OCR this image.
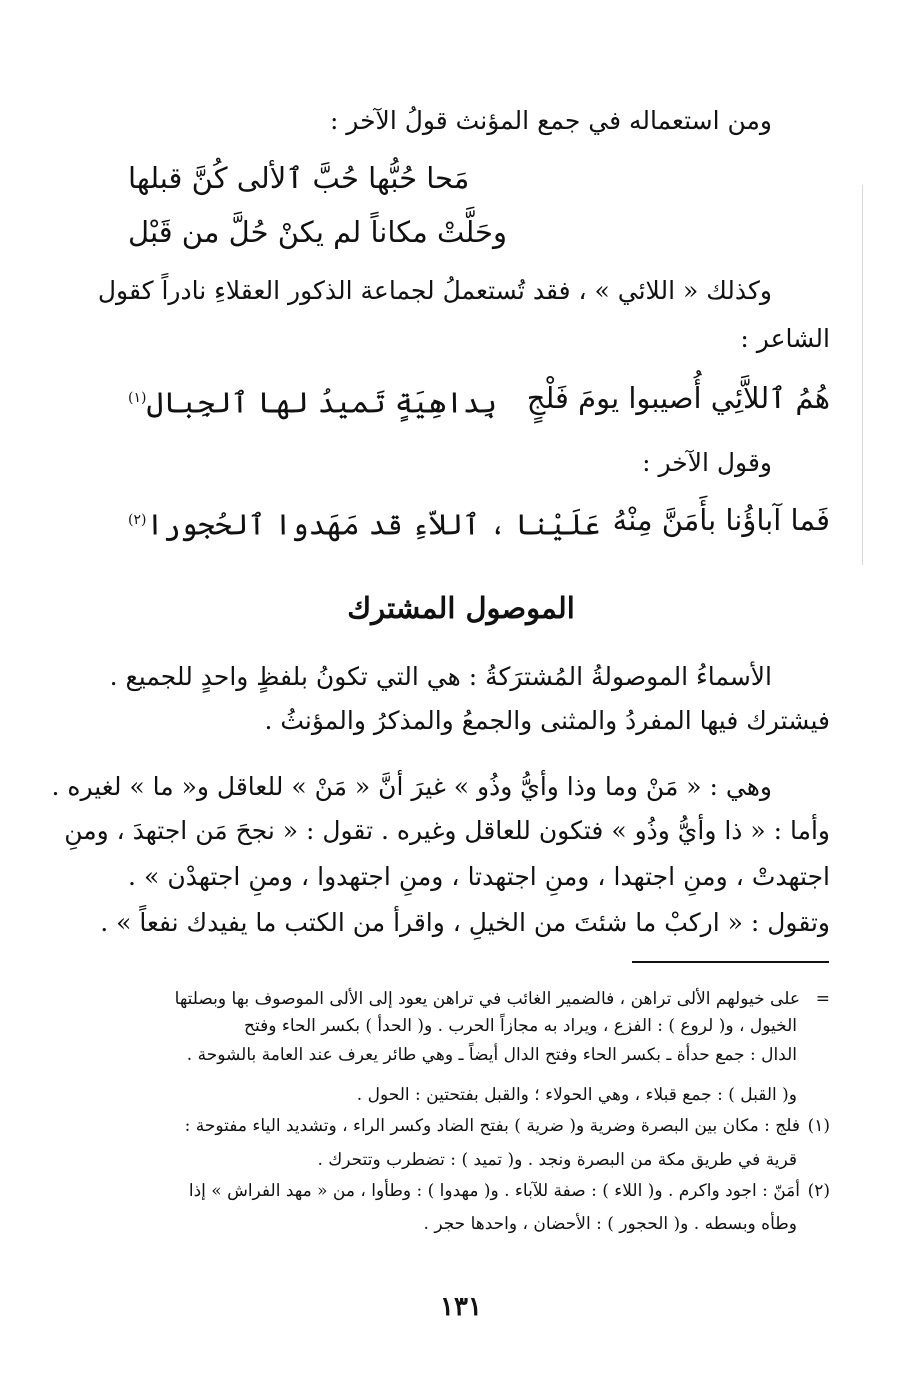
ومن استعماله في جمع المؤنث قولُ الآخر :
مَحا حُبُّها حُبَّ ٱلألى كُنَّ قبلها
وحَلَّتْ مكاناً لم يكنْ حُلَّ من قَبْل
وكذلك « اللائي » ، فقد تُستعملُ لجماعة الذكور العقلاءِ نادراً كقول
الشاعر :
هُمُ ٱللاَّئِي أُصيبوا يومَ فَلْجٍ
بِداهِيَةٍ تَميدُ لها ٱلجِبال$^{(١)}$
وقول الآخر :
فَما آباؤُنا بأَمَنَّ مِنْهُ
عَلَيْنا ، ٱللاّءِ قد مَهَدوا ٱلحُجورا$^{(٢)}$
الموصول المشترك
الأسماءُ الموصولةُ المُشترَكةُ : هي التي تكونُ بلفظٍ واحدٍ للجميع .
فيشترك فيها المفردُ والمثنى والجمعُ والمذكرُ والمؤنثُ .
وهي : « مَنْ وما وذا وأيُّ وذُو » غيرَ أنَّ « مَنْ » للعاقل و« ما » لغيره .
وأما : « ذا وأيُّ وذُو » فتكون للعاقل وغيره . تقول : « نجحَ مَن اجتهدَ ، ومنِ
اجتهدتْ ، ومنِ اجتهدا ، ومنِ اجتهدتا ، ومنِ اجتهدوا ، ومنِ اجتهدْن » .
وتقول : « اركبْ ما شئتَ من الخيلِ ، واقرأ من الكتب ما يفيدك نفعاً » .
=على خيولهم الألى تراهن ، فالضمير الغائب في تراهن يعود إلى الألى الموصوف بها وبصلتها
الخيول ، و( لروع ) : الفزع ، ويراد به مجازاً الحرب . و( الحدأ ) بكسر الحاء وفتح
الدال : جمع حدأة ـ بكسر الحاء وفتح الدال أيضاً ـ وهي طائر يعرف عند العامة بالشوحة .
و( القبل ) : جمع قبلاء ، وهي الحولاء ؛ والقبل بفتحتين : الحول .
(١)فلج : مكان بين البصرة وضرية و( ضرية ) بفتح الضاد وكسر الراء ، وتشديد الياء مفتوحة :
قرية في طريق مكة من البصرة ونجد . و( تميد ) : تضطرب وتتحرك .
(٢)أمَنّ : اجود واكرم . و( اللاء ) : صفة للآباء . و( مهدوا ) : وطأوا ، من « مهد الفراش » إذا
وطأه وبسطه . و( الحجور ) : الأحضان ، واحدها حجر .
١٣١
